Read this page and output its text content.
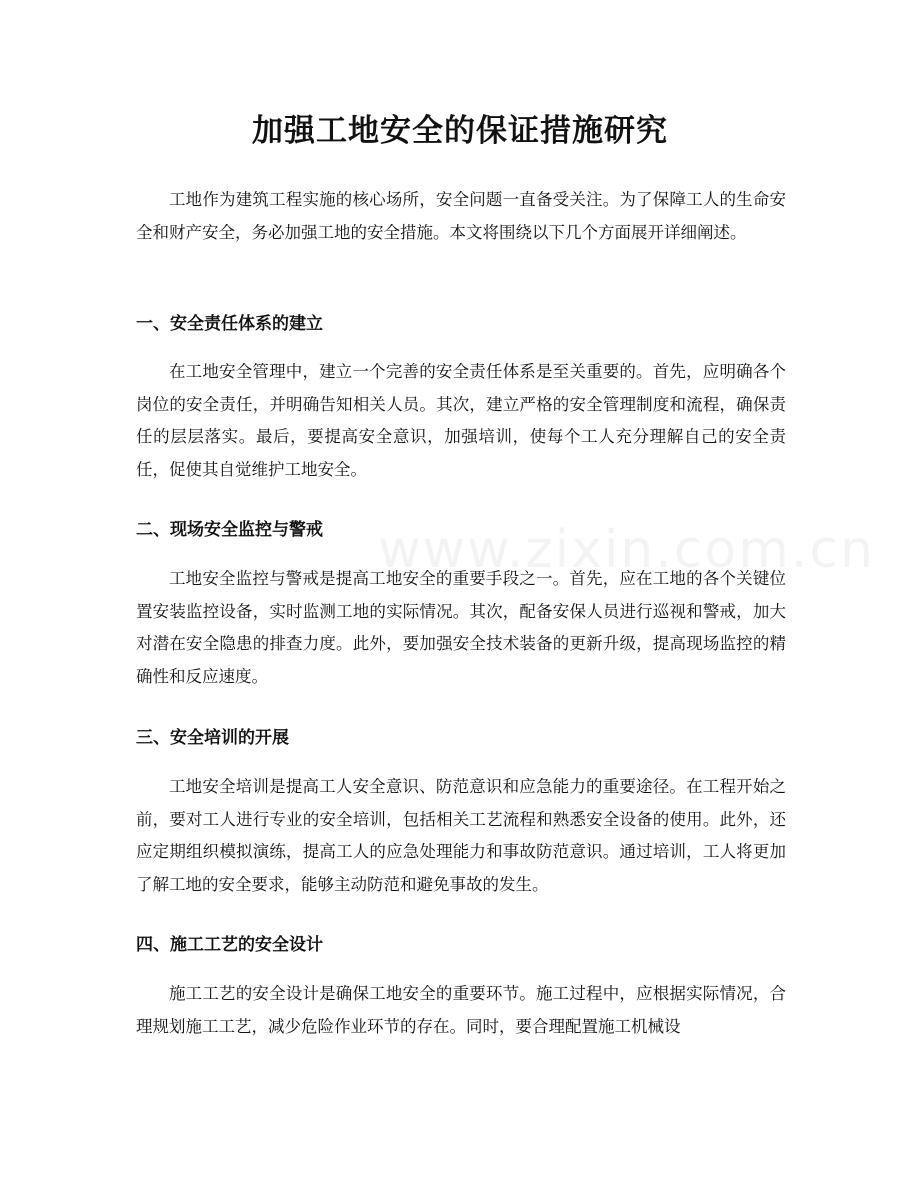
加强工地安全的保证措施研究

工地作为建筑工程实施的核心场所，安全问题一直备受关注。为了保障工人的生命安全和财产安全，务必加强工地的安全措施。本文将围绕以下几个方面展开详细阐述。

一、安全责任体系的建立

在工地安全管理中，建立一个完善的安全责任体系是至关重要的。首先，应明确各个岗位的安全责任，并明确告知相关人员。其次，建立严格的安全管理制度和流程，确保责任的层层落实。最后，要提高安全意识，加强培训，使每个工人充分理解自己的安全责任，促使其自觉维护工地安全。

二、现场安全监控与警戒

工地安全监控与警戒是提高工地安全的重要手段之一。首先，应在工地的各个关键位置安装监控设备，实时监测工地的实际情况。其次，配备安保人员进行巡视和警戒，加大对潜在安全隐患的排查力度。此外，要加强安全技术装备的更新升级，提高现场监控的精确性和反应速度。

三、安全培训的开展

工地安全培训是提高工人安全意识、防范意识和应急能力的重要途径。在工程开始之前，要对工人进行专业的安全培训，包括相关工艺流程和熟悉安全设备的使用。此外，还应定期组织模拟演练，提高工人的应急处理能力和事故防范意识。通过培训，工人将更加了解工地的安全要求，能够主动防范和避免事故的发生。

四、施工工艺的安全设计

施工工艺的安全设计是确保工地安全的重要环节。施工过程中，应根据实际情况，合理规划施工工艺，减少危险作业环节的存在。同时，要合理配置施工机械设
